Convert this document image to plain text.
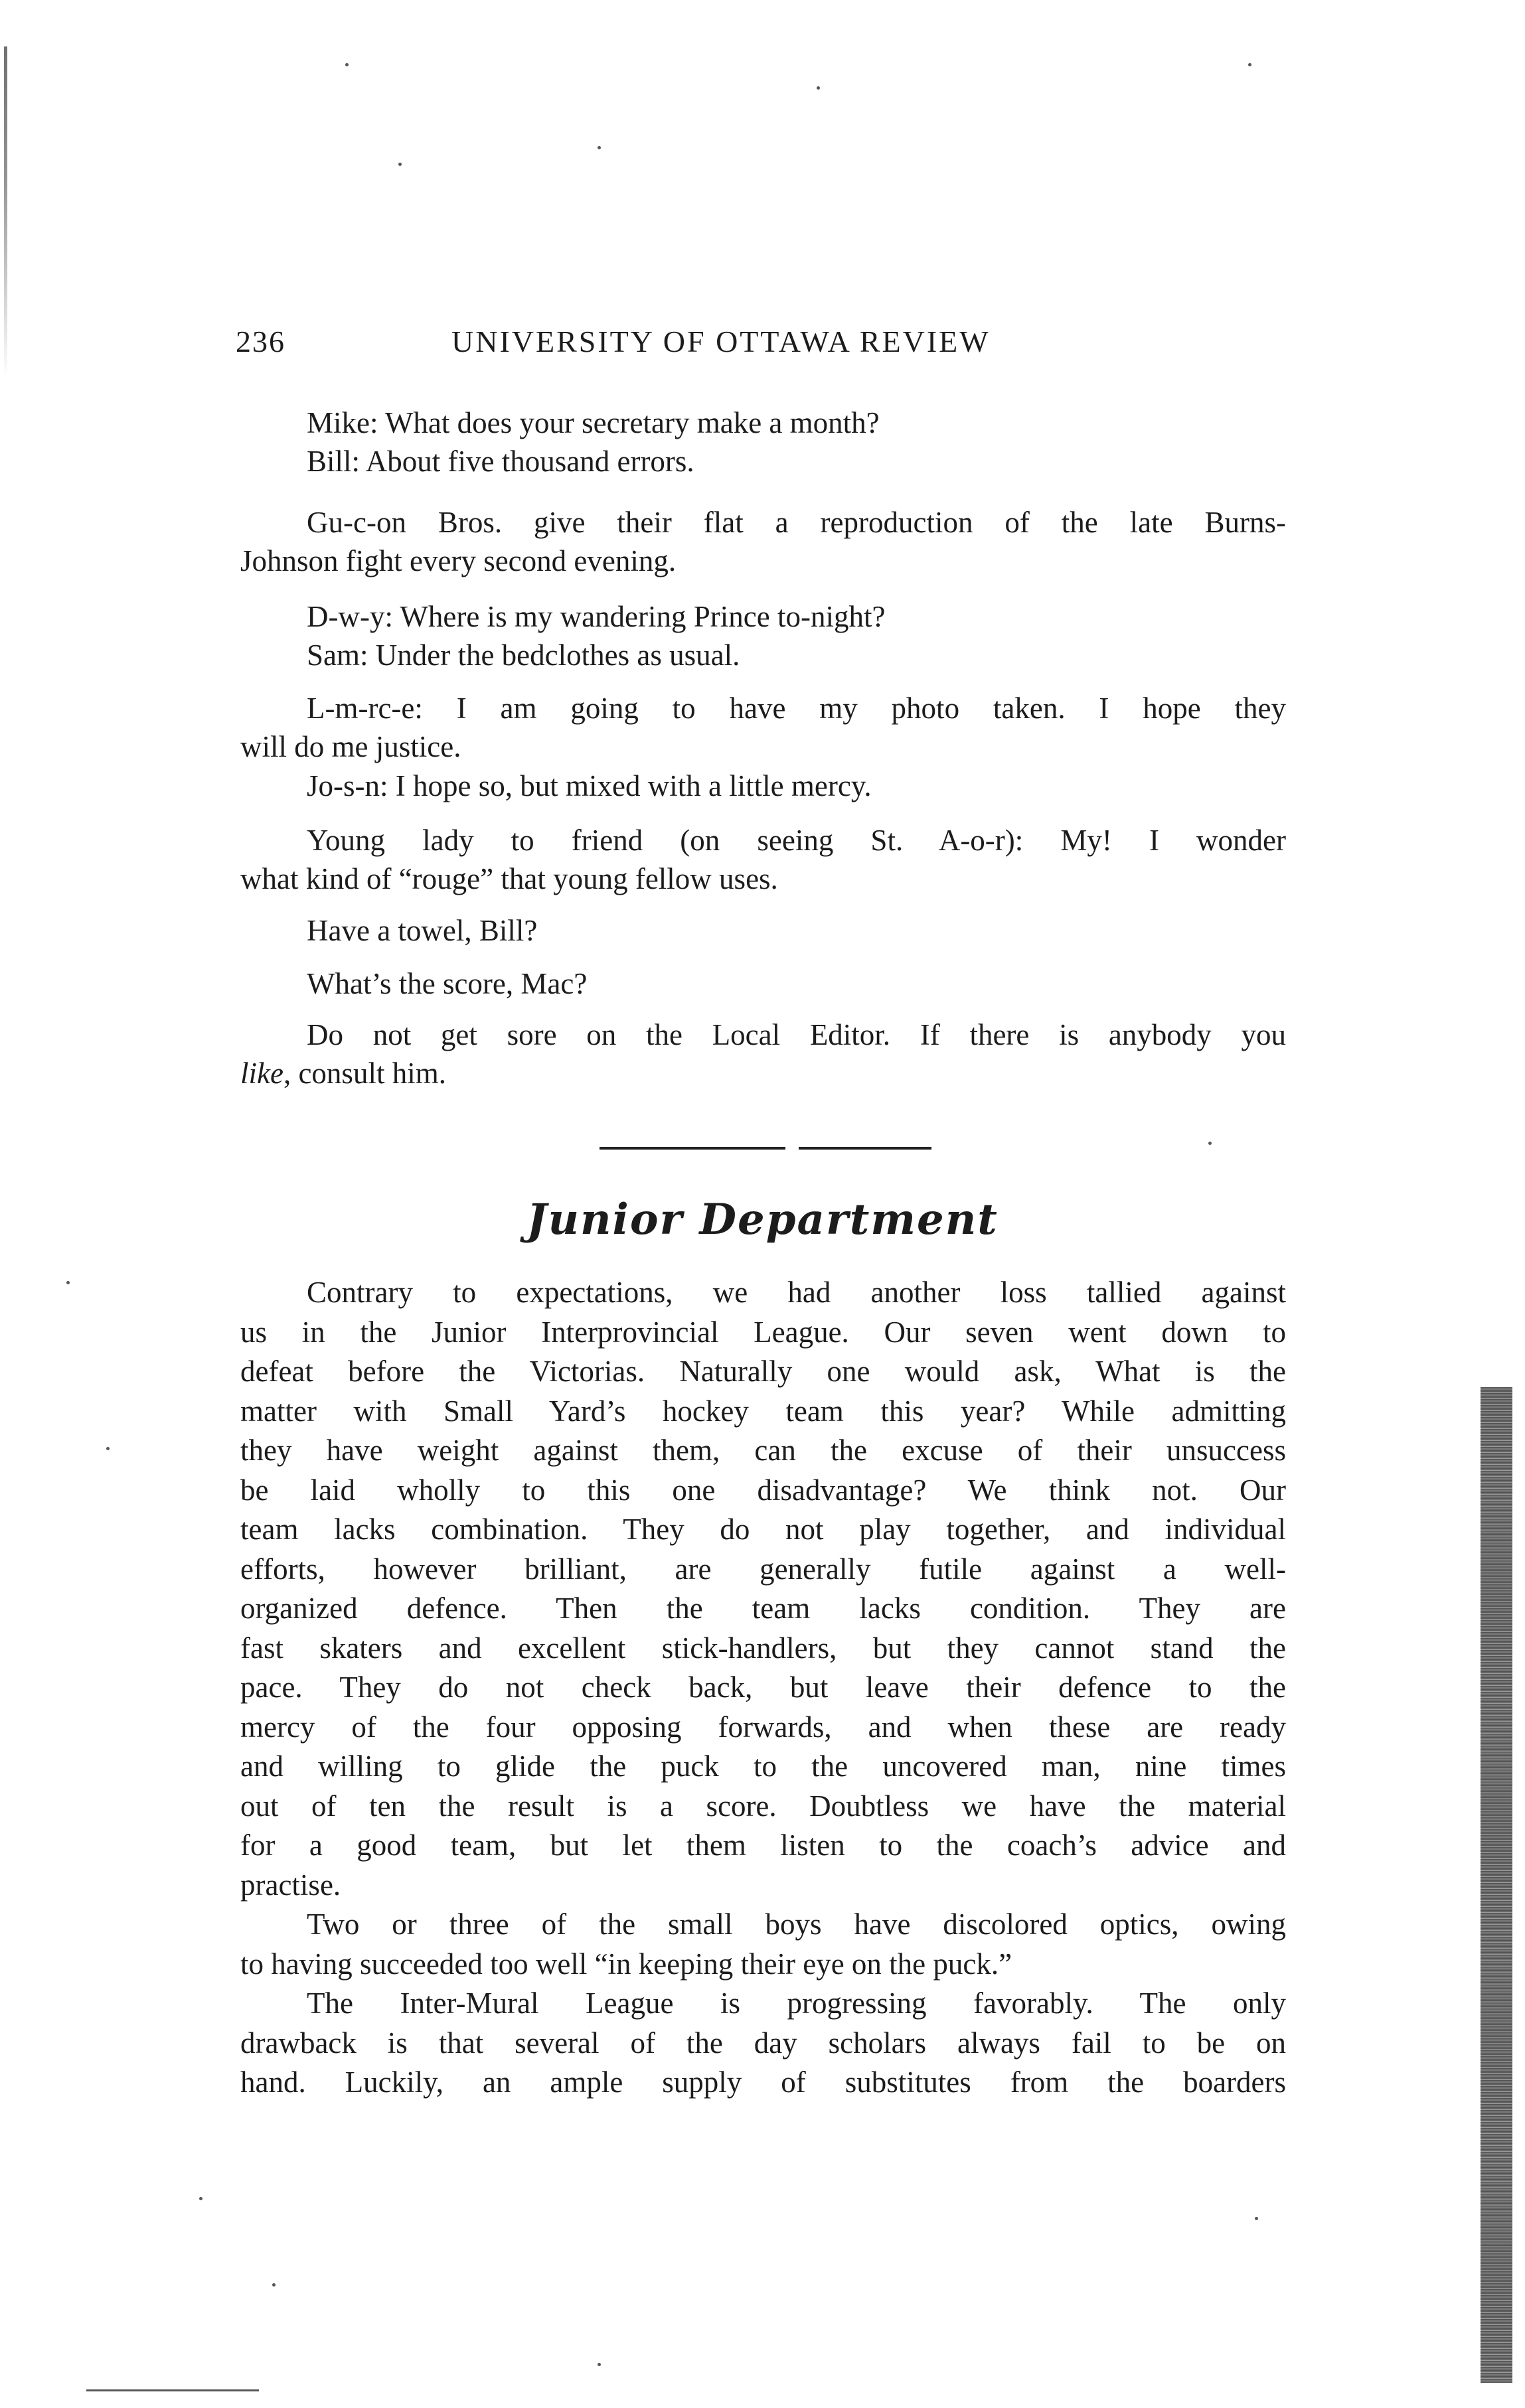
236	UNIVERSITY OF OTTAWA REVIEW
Mike: What does your secretary make a month?
Bill: About five thousand errors.
Gu-c-on Bros. give their flat a reproduction of the late Burns-
Johnson fight every second evening.
D-w-y: Where is my wandering Prince to-night?
Sam: Under the bedclothes as usual.
L-m-rc-e: I am going to have my photo taken. I hope they
will do me justice.
Jo-s-n: I hope so, but mixed with a little mercy.
Young lady to friend (on seeing St. A-o-r): My! I wonder
what kind of “rouge” that young fellow uses.
Have a towel, Bill?
What’s the score, Mac?
Do not get sore on the Local Editor. If there is anybody you
like, consult him.
Junior Department
Contrary to expectations, we had another loss tallied against
us in the Junior Interprovincial League. Our seven went down to
defeat before the Victorias. Naturally one would ask, What is the
matter with Small Yard’s hockey team this year? While admitting
they have weight against them, can the excuse of their unsuccess
be laid wholly to this one disadvantage? We think not. Our
team lacks combination. They do not play together, and individual
efforts, however brilliant, are generally futile against a well-
organized defence. Then the team lacks condition. They are
fast skaters and excellent stick-handlers, but they cannot stand the
pace. They do not check back, but leave their defence to the
mercy of the four opposing forwards, and when these are ready
and willing to glide the puck to the uncovered man, nine times
out of ten the result is a score. Doubtless we have the material
for a good team, but let them listen to the coach’s advice and
practise.
Two or three of the small boys have discolored optics, owing
to having succeeded too well “in keeping their eye on the puck.”
The Inter-Mural League is progressing favorably. The only
drawback is that several of the day scholars always fail to be on
hand. Luckily, an ample supply of substitutes from the boarders
